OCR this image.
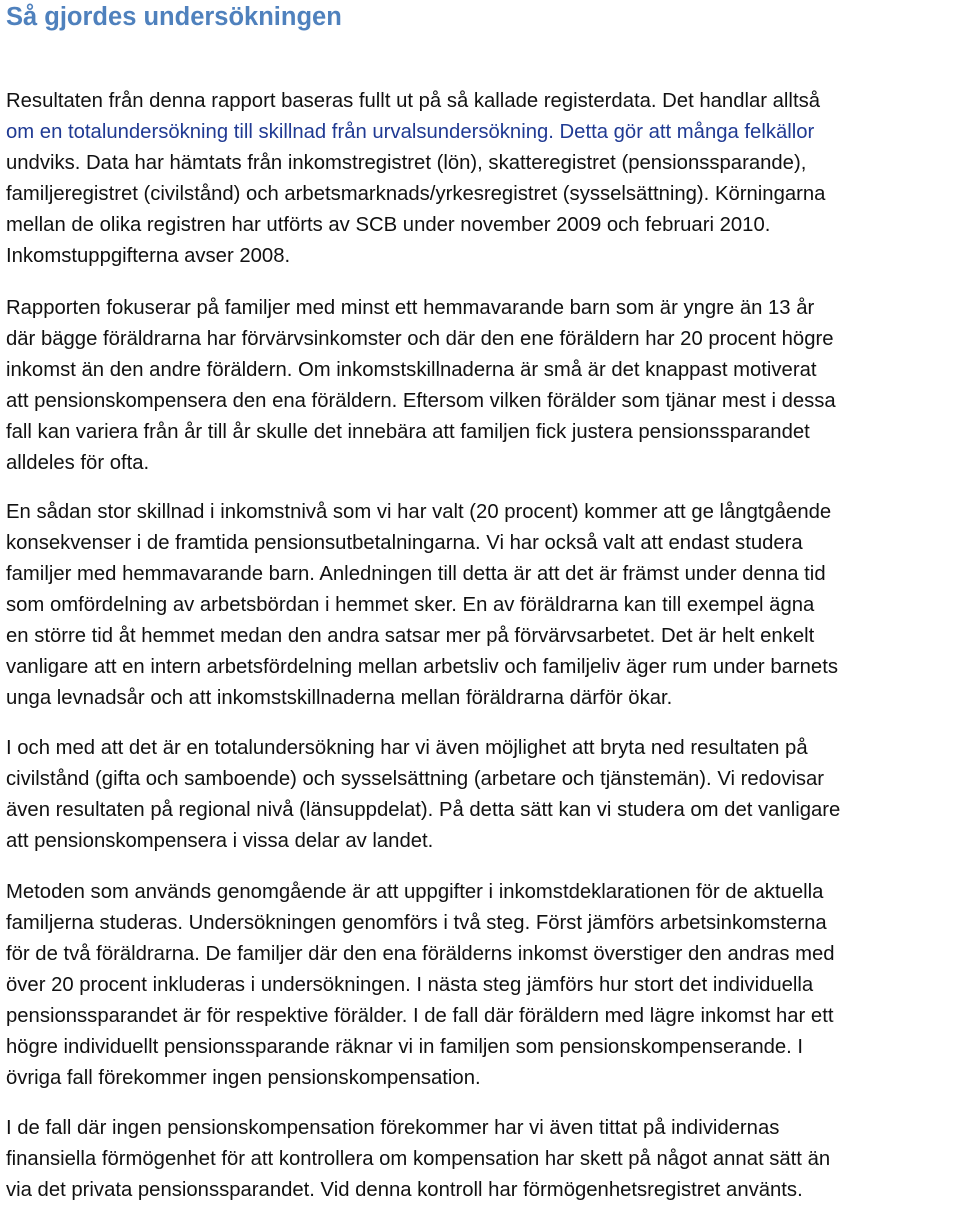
Så gjordes undersökningen

Resultaten från denna rapport baseras fullt ut på så kallade registerdata. Det handlar alltså
om en totalundersökning till skillnad från urvalsundersökning. Detta gör att många felkällor
undviks. Data har hämtats från inkomstregistret (lön), skatteregistret (pensionssparande),
familjeregistret (civilstånd) och arbetsmarknads/yrkesregistret (sysselsättning). Körningarna
mellan de olika registren har utförts av SCB under november 2009 och februari 2010.
Inkomstuppgifterna avser 2008.

Rapporten fokuserar på familjer med minst ett hemmavarande barn som är yngre än 13 år
där bägge föräldrarna har förvärvsinkomster och där den ene föräldern har 20 procent högre
inkomst än den andre föräldern. Om inkomstskillnaderna är små är det knappast motiverat
att pensionskompensera den ena föräldern. Eftersom vilken förälder som tjänar mest i dessa
fall kan variera från år till år skulle det innebära att familjen fick justera pensionssparandet
alldeles för ofta.

En sådan stor skillnad i inkomstnivå som vi har valt (20 procent) kommer att ge långtgående
konsekvenser i de framtida pensionsutbetalningarna. Vi har också valt att endast studera
familjer med hemmavarande barn. Anledningen till detta är att det är främst under denna tid
som omfördelning av arbetsbördan i hemmet sker. En av föräldrarna kan till exempel ägna
en större tid åt hemmet medan den andra satsar mer på förvärvsarbetet. Det är helt enkelt
vanligare att en intern arbetsfördelning mellan arbetsliv och familjeliv äger rum under barnets
unga levnadsår och att inkomstskillnaderna mellan föräldrarna därför ökar.

I och med att det är en totalundersökning har vi även möjlighet att bryta ned resultaten på
civilstånd (gifta och samboende) och sysselsättning (arbetare och tjänstemän). Vi redovisar
även resultaten på regional nivå (länsuppdelat). På detta sätt kan vi studera om det vanligare
att pensionskompensera i vissa delar av landet.

Metoden som används genomgående är att uppgifter i inkomstdeklarationen för de aktuella
familjerna studeras. Undersökningen genomförs i två steg. Först jämförs arbetsinkomsterna
för de två föräldrarna. De familjer där den ena förälderns inkomst överstiger den andras med
över 20 procent inkluderas i undersökningen. I nästa steg jämförs hur stort det individuella
pensionssparandet är för respektive förälder. I de fall där föräldern med lägre inkomst har ett
högre individuellt pensionssparande räknar vi in familjen som pensionskompenserande. I
övriga fall förekommer ingen pensionskompensation.

I de fall där ingen pensionskompensation förekommer har vi även tittat på individernas
finansiella förmögenhet för att kontrollera om kompensation har skett på något annat sätt än
via det privata pensionssparandet. Vid denna kontroll har förmögenhetsregistret använts.
